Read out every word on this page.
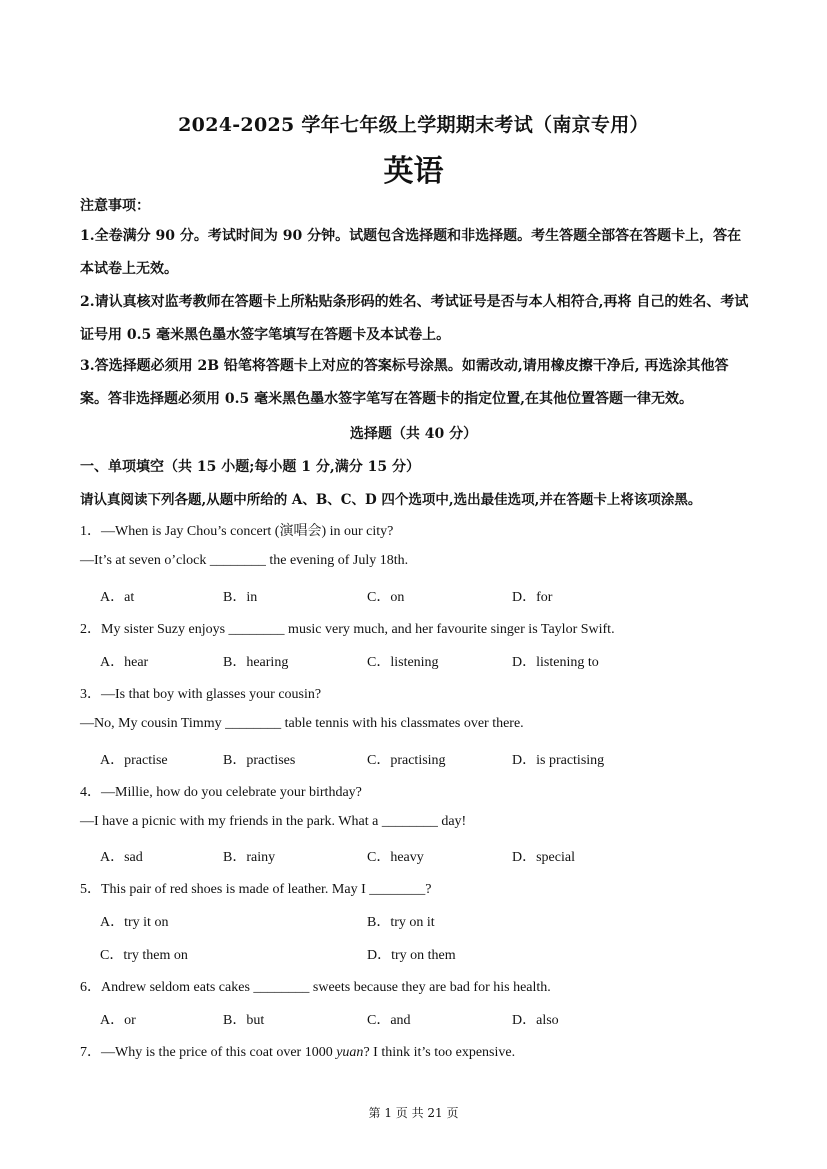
2024-2025 学年七年级上学期期末考试（南京专用）
英语
注意事项：
1.全卷满分 90 分。考试时间为 90 分钟。试题包含选择题和非选择题。考生答题全部答在答题卡上，答在本试卷上无效。
2.请认真核对监考教师在答题卡上所粘贴条形码的姓名、考试证号是否与本人相符合,再将 自己的姓名、考试证号用 0.5 毫米黑色墨水签字笔填写在答题卡及本试卷上。
3.答选择题必须用 2B 铅笔将答题卡上对应的答案标号涂黑。如需改动,请用橡皮擦干净后, 再选涂其他答案。答非选择题必须用 0.5 毫米黑色墨水签字笔写在答题卡的指定位置,在其他位置答题一律无效。
选择题（共 40 分）
一、单项填空（共 15 小题;每小题 1 分,满分 15 分）
请认真阅读下列各题,从题中所给的 A、B、C、D 四个选项中,选出最佳选项,并在答题卡上将该项涂黑。
1．—When is Jay Chou’s concert (演唱会) in our city?
—It’s at seven o’clock ________ the evening of July 18th.
A．at	B．in	C．on	D．for
2．My sister Suzy enjoys ________ music very much, and her favourite singer is Taylor Swift.
A．hear	B．hearing	C．listening	D．listening to
3．—Is that boy with glasses your cousin?
—No, My cousin Timmy ________ table tennis with his classmates over there.
A．practise	B．practises	C．practising	D．is practising
4．—Millie, how do you celebrate your birthday?
—I have a picnic with my friends in the park. What a ________ day!
A．sad	B．rainy	C．heavy	D．special
5．This pair of red shoes is made of leather. May I ________?
A．try it on	B．try on it
C．try them on	D．try on them
6．Andrew seldom eats cakes ________ sweets because they are bad for his health.
A．or	B．but	C．and	D．also
7．—Why is the price of this coat over 1000 yuan? I think it’s too expensive.
第 1 页 共 21 页
